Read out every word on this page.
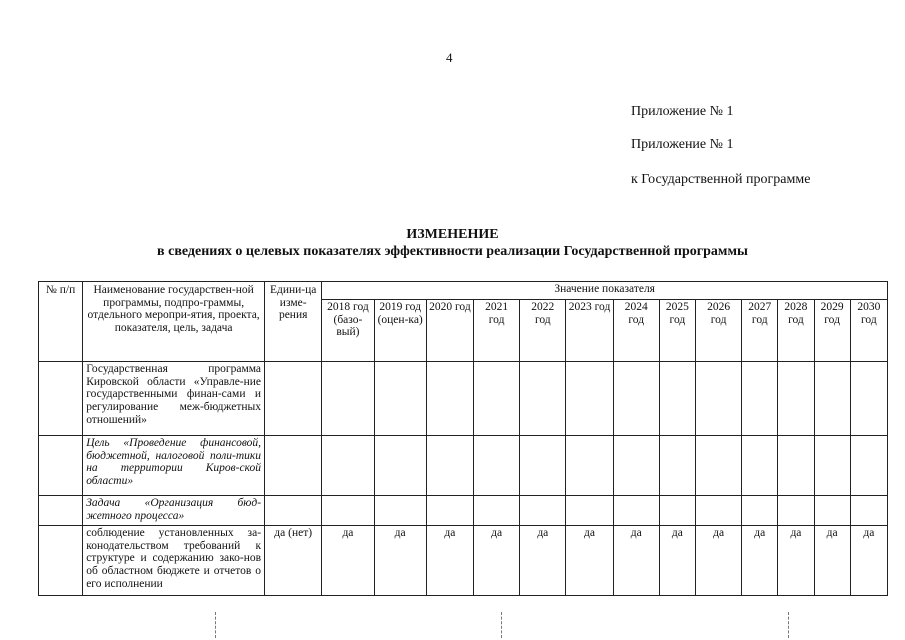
4
Приложение № 1
Приложение № 1
к Государственной программе
ИЗМЕНЕНИЕ
в сведениях о целевых показателях эффективности реализации Государственной программы
№ п/п	Наименование государствен-ной программы, подпро-граммы, отдельного меропри-ятия, проекта, показателя, цель, задача	Едини-ца изме-рения	Значение показателя												
			2018 год (базо-вый)	2019 год (оцен-ка)	2020 год	2021 год	2022 год	2023 год	2024 год	2025 год	2026 год	2027 год	2028 год	2029 год	2030 год
	Государственная программа Кировской области «Управле-ние государственными финан-сами и регулирование меж-бюджетных отношений»														
	Цель «Проведение финансовой, бюджетной, налоговой поли-тики на территории Киров-ской области»														
	Задача «Организация бюд-жетного процесса»														
	соблюдение установленных за-конодательством требований к структуре и содержанию зако-нов об областном бюджете и отчетов о его исполнении	да (нет)	да	да	да	да	да	да	да	да	да	да	да	да	да
